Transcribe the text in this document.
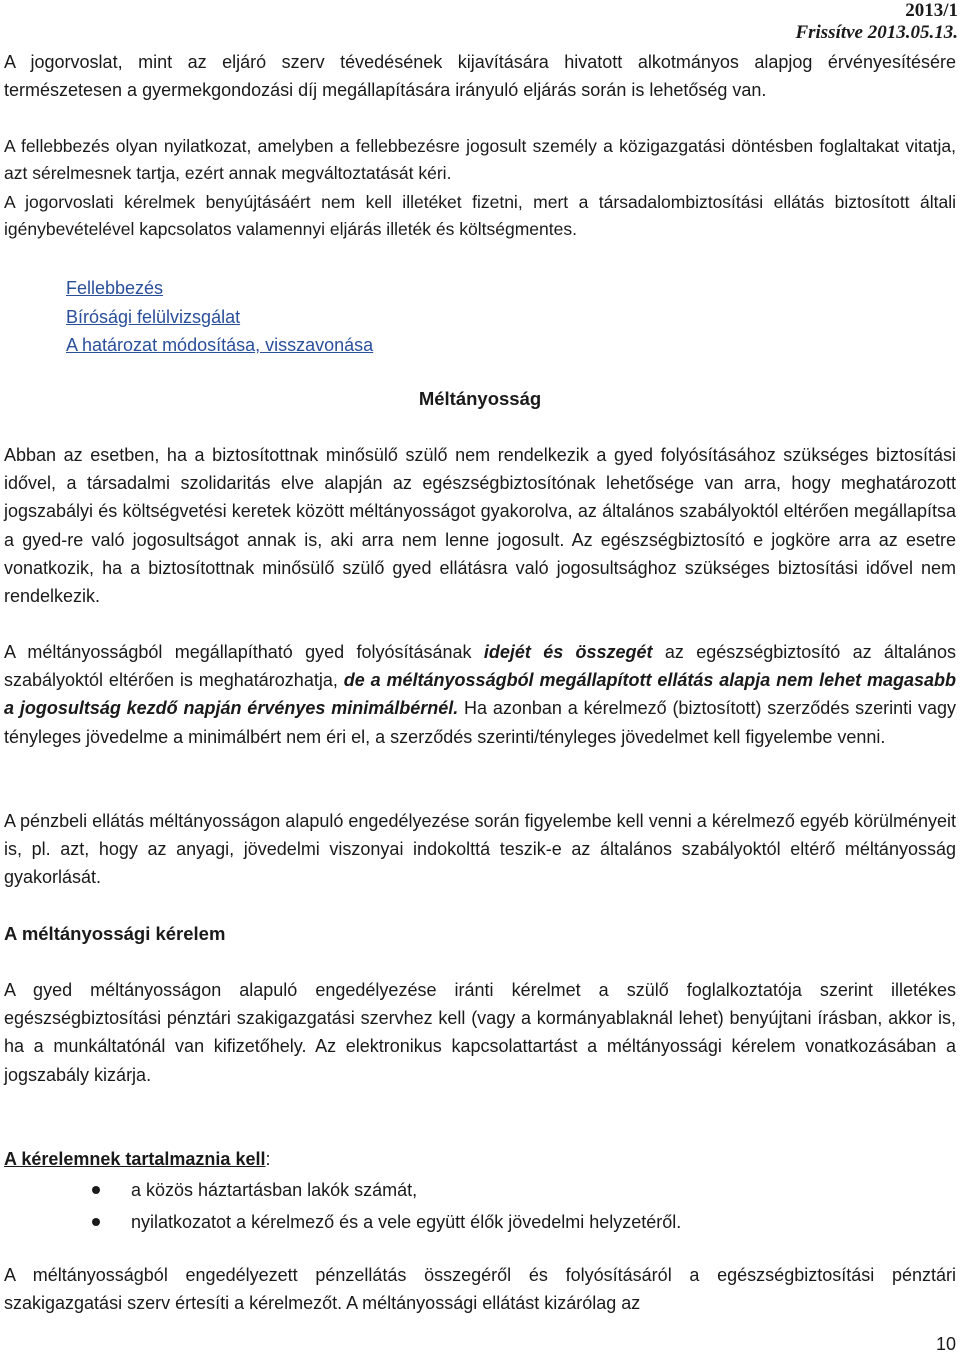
2013/1
Frissítve 2013.05.13.

A jogorvoslat, mint az eljáró szerv tévedésének kijavítására hivatott alkotmányos alapjog érvényesítésére természetesen a gyermekgondozási díj megállapítására irányuló eljárás során is lehetőség van.

A fellebbezés olyan nyilatkozat, amelyben a fellebbezésre jogosult személy a közigazgatási döntésben foglaltakat vitatja, azt sérelmesnek tartja, ezért annak megváltoztatását kéri.

A jogorvoslati kérelmek benyújtásáért nem kell illetéket fizetni, mert a társadalombiztosítási ellátás biztosított általi igénybevételével kapcsolatos valamennyi eljárás illeték és költségmentes.

Fellebbezés
Bírósági felülvizsgálat
A határozat módosítása, visszavonása
Méltányosság

Abban az esetben, ha a biztosítottnak minősülő szülő nem rendelkezik a gyed folyósításához szükséges biztosítási idővel, a társadalmi szolidaritás elve alapján az egészségbiztosítónak lehetősége van arra, hogy meghatározott jogszabályi és költségvetési keretek között méltányosságot gyakorolva, az általános szabályoktól eltérően megállapítsa a gyed-re való jogosultságot annak is, aki arra nem lenne jogosult. Az egészségbiztosító e jogköre arra az esetre vonatkozik, ha a biztosítottnak minősülő szülő gyed ellátásra való jogosultsághoz szükséges biztosítási idővel nem rendelkezik.

A méltányosságból megállapítható gyed folyósításának idejét és összegét az egészségbiztosító az általános szabályoktól eltérően is meghatározhatja, de a méltányosságból megállapított ellátás alapja nem lehet magasabb a jogosultság kezdő napján érvényes minimálbérnél. Ha azonban a kérelmező (biztosított) szerződés szerinti vagy tényleges jövedelme a minimálbért nem éri el, a szerződés szerinti/tényleges jövedelmet kell figyelembe venni.

A pénzbeli ellátás méltányosságon alapuló engedélyezése során figyelembe kell venni a kérelmező egyéb körülményeit is, pl. azt, hogy az anyagi, jövedelmi viszonyai indokolttá teszik-e az általános szabályoktól eltérő méltányosság gyakorlását.

A méltányossági kérelem

A gyed méltányosságon alapuló engedélyezése iránti kérelmet a szülő foglalkoztatója szerint illetékes egészségbiztosítási pénztári szakigazgatási szervhez kell (vagy a kormányablaknál lehet) benyújtani írásban, akkor is, ha a munkáltatónál van kifizetőhely. Az elektronikus kapcsolattartást a méltányossági kérelem vonatkozásában a jogszabály kizárja.

A kérelemnek tartalmaznia kell:
a közös háztartásban lakók számát,
nyilatkozatot a kérelmező és a vele együtt élők jövedelmi helyzetéről.

A méltányosságból engedélyezett pénzellátás összegéről és folyósításáról a egészségbiztosítási pénztári szakigazgatási szerv értesíti a kérelmezőt. A méltányossági ellátást kizárólag az

10
